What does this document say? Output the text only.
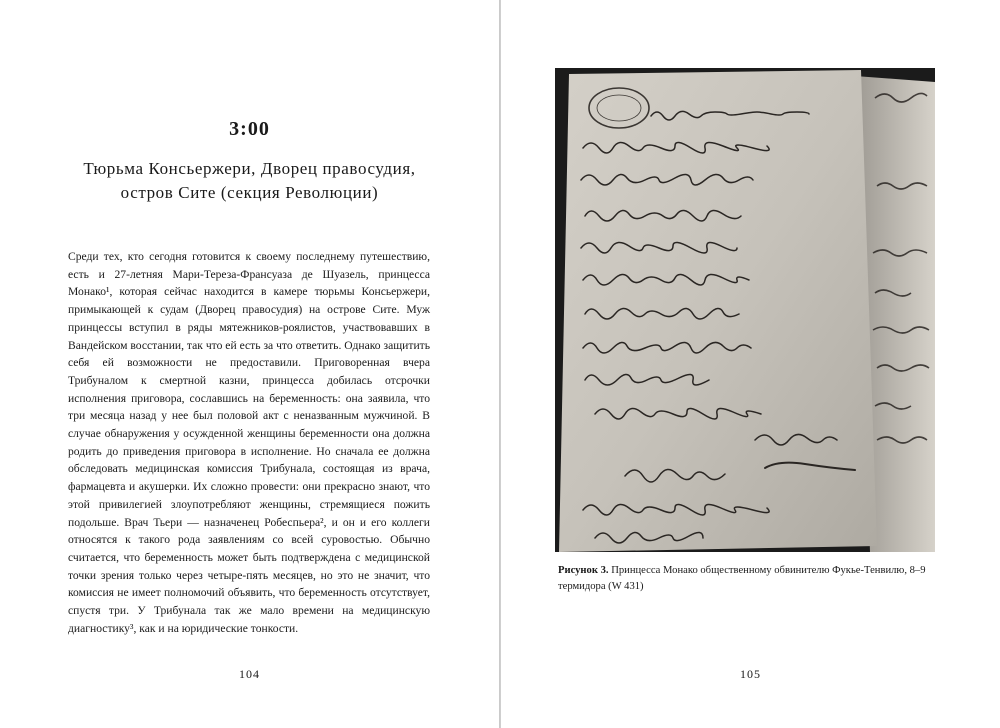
3:00
Тюрьма Консьержери, Дворец правосудия,
остров Сите (секция Революции)

Среди тех, кто сегодня готовится к своему последнему путешествию, есть и 27-летняя Мари-Тереза-Франсуаза де Шуазель, принцесса Монако¹, которая сейчас находится в камере тюрьмы Консьержери, примыкающей к судам (Дворец правосудия) на острове Сите. Муж принцессы вступил в ряды мятежников-роялистов, участвовавших в Вандейском восстании, так что ей есть за что ответить. Однако защитить себя ей возможности не предоставили. Приговоренная вчера Трибуналом к смертной казни, принцесса добилась отсрочки исполнения приговора, сославшись на беременность: она заявила, что три месяца назад у нее был половой акт с неназванным мужчиной. В случае обнаружения у осужденной женщины беременности она должна родить до приведения приговора в исполнение. Но сначала ее должна обследовать медицинская комиссия Трибунала, состоящая из врача, фармацевта и акушерки. Их сложно провести: они прекрасно знают, что этой привилегией злоупотребляют женщины, стремящиеся пожить подольше. Врач Тьери — назначенец Робеспьера², и он и его коллеги относятся к такого рода заявлениям со всей суровостью. Обычно считается, что беременность может быть подтверждена с медицинской точки зрения только через четыре-пять месяцев, но это не значит, что комиссия не имеет полномочий объявить, что беременность отсутствует, спустя три. У Трибунала так же мало времени на медицинскую диагностику³, как и на юридические тонкости.

104
Рисунок 3. Принцесса Монако общественному обвинителю Фукье-Тенвилю, 8–9 термидора (W 431)
105
